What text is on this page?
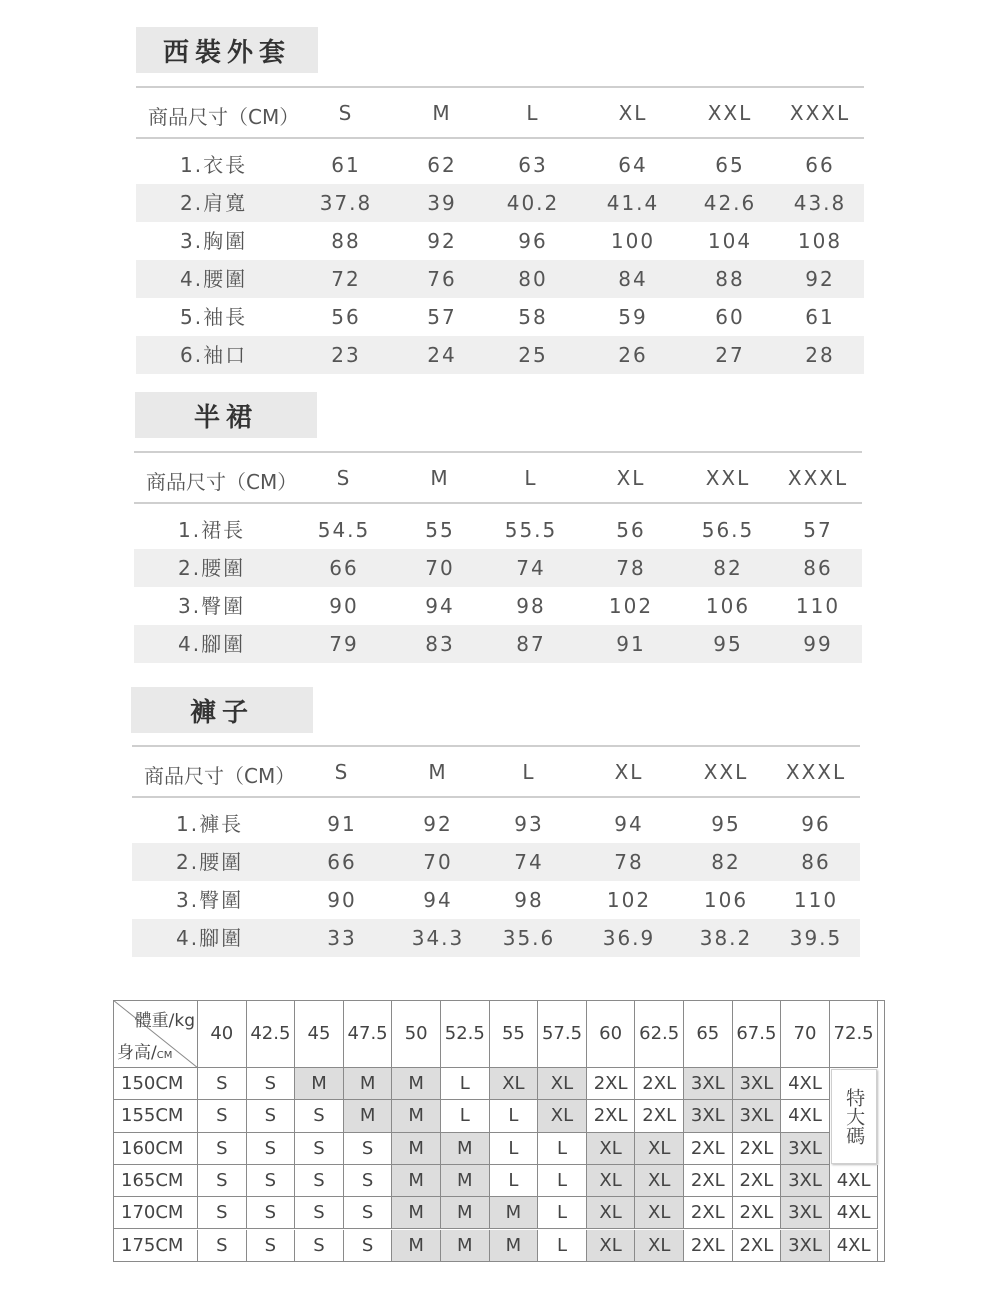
西裝外套
商品尺寸（CM）	S	M	L	XL	XXL	XXXL
1.衣長	61	62	63	64	65	66
2.肩寬	37.8	39	40.2	41.4	42.6	43.8
3.胸圍	88	92	96	100	104	108
4.腰圍	72	76	80	84	88	92
5.袖長	56	57	58	59	60	61
6.袖口	23	24	25	26	27	28
半裙
商品尺寸（CM）	S	M	L	XL	XXL	XXXL
1.裙長	54.5	55	55.5	56	56.5	57
2.腰圍	66	70	74	78	82	86
3.臀圍	90	94	98	102	106	110
4.腳圍	79	83	87	91	95	99
褲子
商品尺寸（CM）	S	M	L	XL	XXL	XXXL
1.褲長	91	92	93	94	95	96
2.腰圍	66	70	74	78	82	86
3.臀圍	90	94	98	102	106	110
4.腳圍	33	34.3	35.6	36.9	38.2	39.5
體重/kg
身高/CM
40 42.5 45 47.5 50 52.5 55 57.5 60 62.5 65 67.5 70 72.5
150CM	S	S	M	M	M	L	XL	XL	2XL 2XL 3XL 3XL 4XL
155CM	S	S	S	M	M	L	L	XL	2XL 2XL 3XL 3XL 4XL
160CM	S	S	S	S	M	M	L	L	XL	XL	2XL 2XL 3XL
165CM	S	S	S	S	M	M	L	L	XL	XL	2XL 2XL 3XL 4XL
170CM	S	S	S	S	M	M	M	L	XL	XL	2XL 2XL 3XL 4XL
175CM	S	S	S	S	M	M	M	L	XL	XL	2XL 2XL 3XL 4XL
特大碼
